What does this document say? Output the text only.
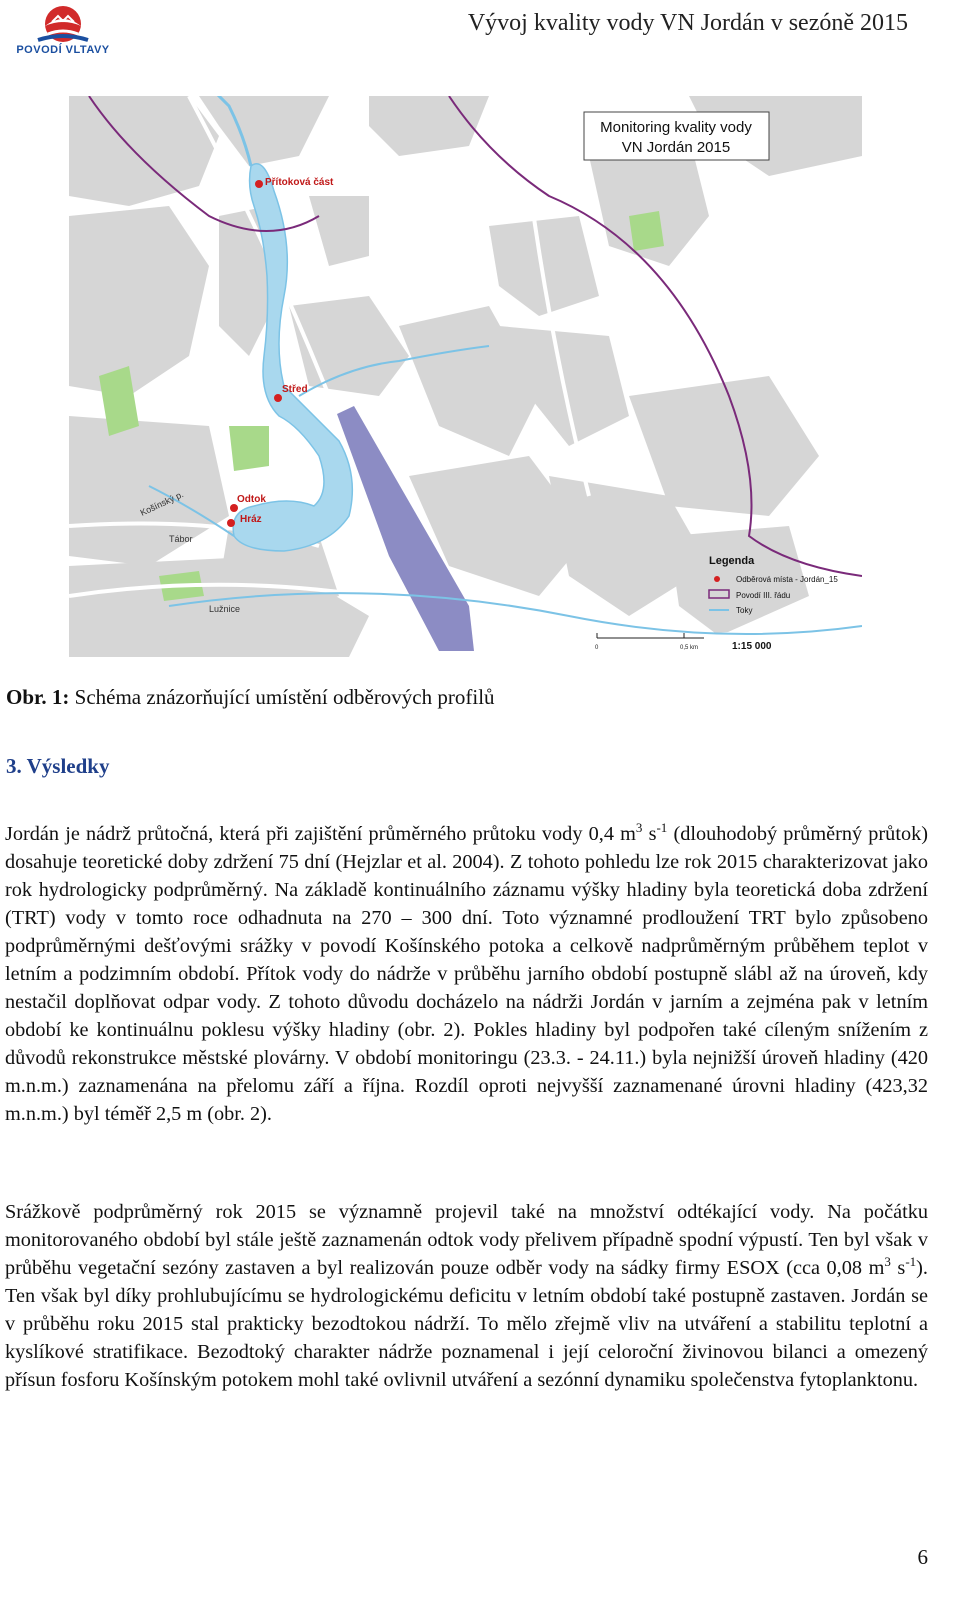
POVODÍ VLTAVY
Vývoj kvality vody VN Jordán v sezóně 2015
Monitoring kvality vody
VN Jordán 2015
Přítoková část
Střed
Odtok
Hráz
Košínský p.
Tábor
Lužnice
Legenda
Odběrová místa - Jordán_15
Povodí III. řádu
Toky
0	0,5 km	1:15 000
Obr. 1: Schéma znázorňující umístění odběrových profilů
3. Výsledky
Jordán je nádrž průtočná, která při zajištění průměrného průtoku vody 0,4 $m^3$ $s^{-1}$ (dlouhodobý průměrný průtok) dosahuje teoretické doby zdržení 75 dní (Hejzlar et al. 2004). Z tohoto pohledu lze rok 2015 charakterizovat jako rok hydrologicky podprůměrný. Na základě kontinuálního záznamu výšky hladiny byla teoretická doba zdržení (TRT) vody v tomto roce odhadnuta na 270 – 300 dní. Toto významné prodloužení TRT bylo způsobeno podprůměrnými dešťovými srážky v povodí Košínského potoka a celkově nadprůměrným průběhem teplot v letním a podzimním období. Přítok vody do nádrže v průběhu jarního období postupně slábl až na úroveň, kdy nestačil doplňovat odpar vody. Z tohoto důvodu docházelo na nádrži Jordán v jarním a zejména pak v letním období ke kontinuálnu poklesu výšky hladiny (obr. 2). Pokles hladiny byl podpořen také cíleným snížením z důvodů rekonstrukce městské plovárny. V období monitoringu (23.3. - 24.11.) byla nejnižší úroveň hladiny (420 m.n.m.) zaznamenána na přelomu září a října. Rozdíl oproti nejvyšší zaznamenané úrovni hladiny (423,32 m.n.m.) byl téměř 2,5 m (obr. 2).
Srážkově podprůměrný rok 2015 se významně projevil také na množství odtékající vody. Na počátku monitorovaného období byl stále ještě zaznamenán odtok vody přelivem případně spodní výpustí. Ten byl však v průběhu vegetační sezóny zastaven a byl realizován pouze odběr vody na sádky firmy ESOX (cca 0,08 $m^3$ $s^{-1}$). Ten však byl díky prohlubujícímu se hydrologickému deficitu v letním období také postupně zastaven. Jordán se v průběhu roku 2015 stal prakticky bezodtokou nádrží. To mělo zřejmě vliv na utváření a stabilitu teplotní a kyslíkové stratifikace. Bezodtoký charakter nádrže poznamenal i její celoroční živinovou bilanci a omezený přísun fosforu Košínským potokem mohl také ovlivnil utváření a sezónní dynamiku společenstva fytoplanktonu.
6
